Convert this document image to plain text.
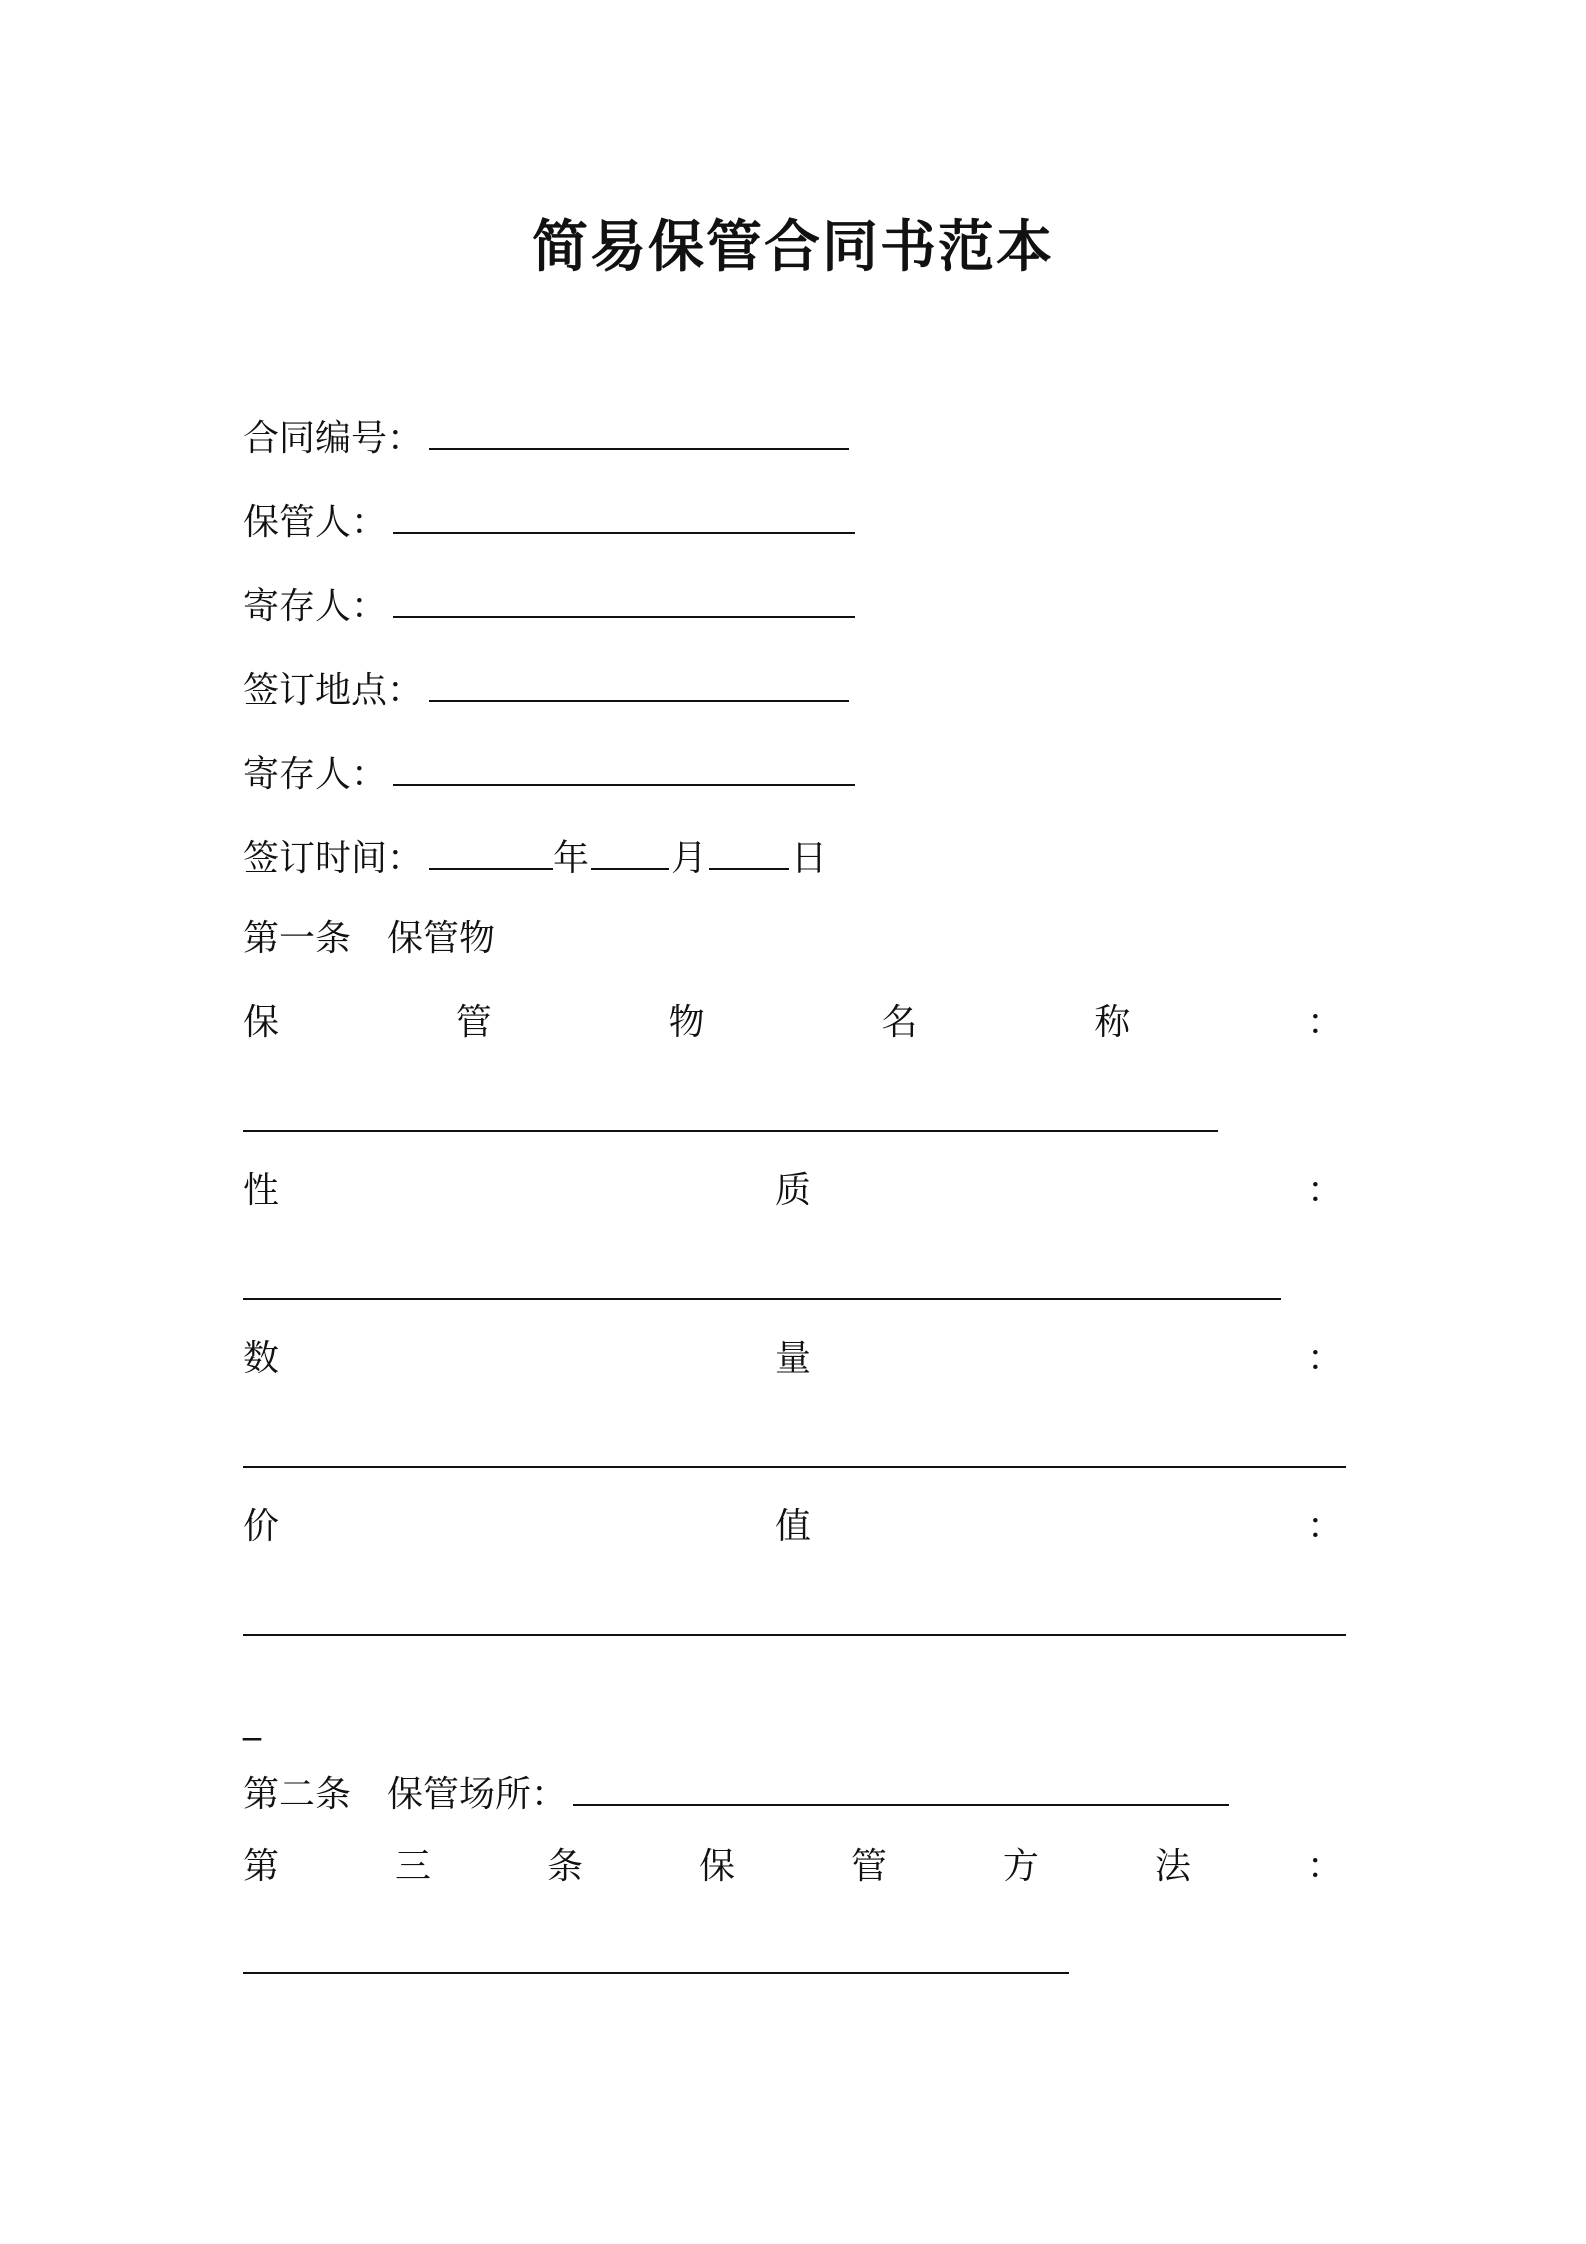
简易保管合同书范本
合同编号：
保管人：
寄存人：
签订地点：
寄存人：
签订时间：	年 月 日
第一条 保管物
保	管	物	名	称	：
性	质	：
数	量	：
价	值	：
_
第二条 保管场所：
第	三	条	保	管	方	法	：
